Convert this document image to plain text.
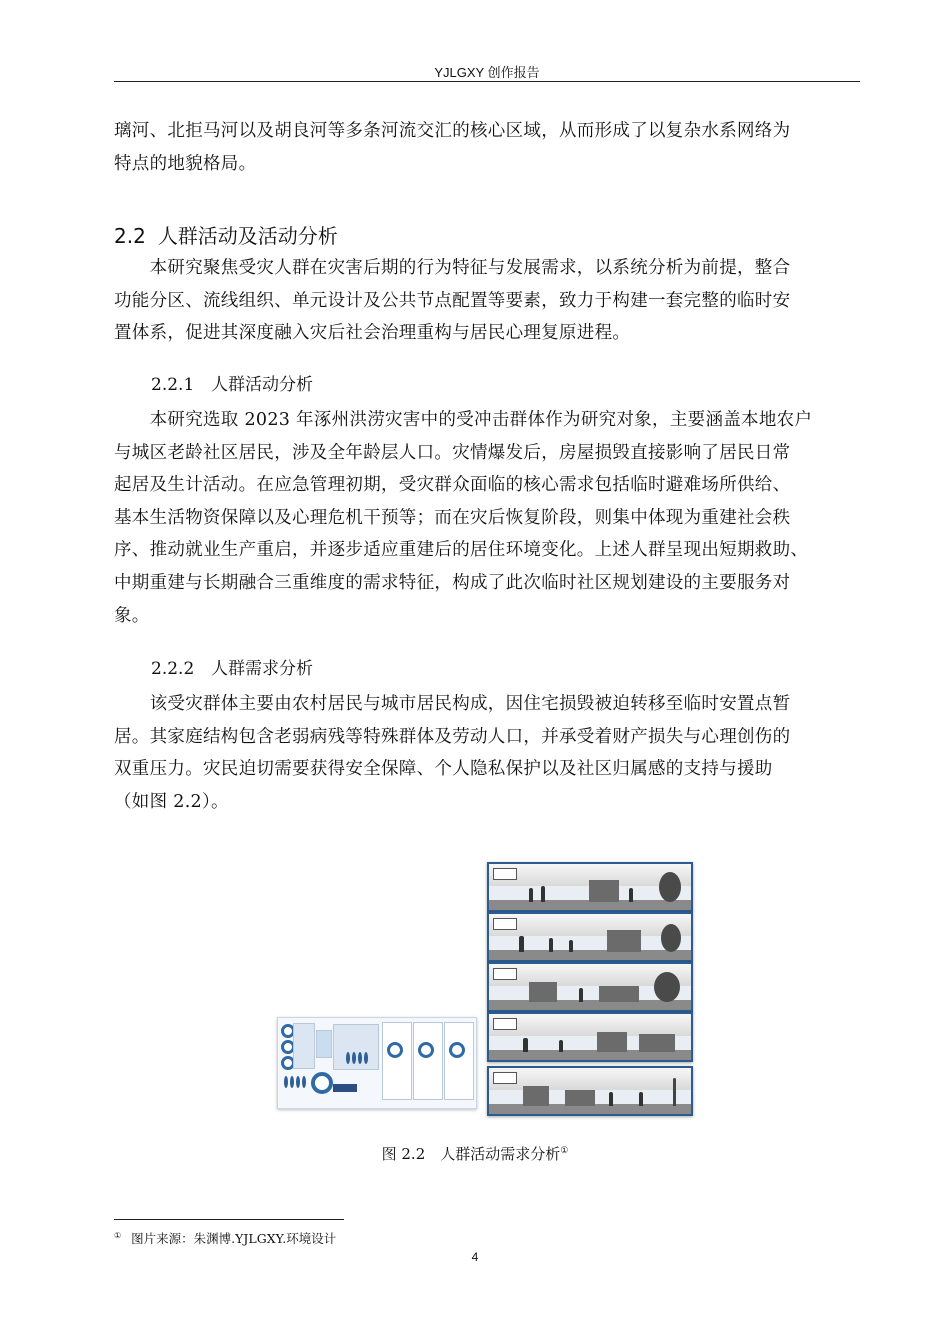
YJLGXY 创作报告
璃河、北拒马河以及胡良河等多条河流交汇的核心区域，从而形成了以复杂水系网络为
特点的地貌格局。
2.2 人群活动及活动分析
　　本研究聚焦受灾人群在灾害后期的行为特征与发展需求，以系统分析为前提，整合
功能分区、流线组织、单元设计及公共节点配置等要素，致力于构建一套完整的临时安
置体系，促进其深度融入灾后社会治理重构与居民心理复原进程。
2.2.1 人群活动分析
　　本研究选取 2023 年涿州洪涝灾害中的受冲击群体作为研究对象，主要涵盖本地农户
与城区老龄社区居民，涉及全年龄层人口。灾情爆发后，房屋损毁直接影响了居民日常
起居及生计活动。在应急管理初期，受灾群众面临的核心需求包括临时避难场所供给、
基本生活物资保障以及心理危机干预等；而在灾后恢复阶段，则集中体现为重建社会秩
序、推动就业生产重启，并逐步适应重建后的居住环境变化。上述人群呈现出短期救助、
中期重建与长期融合三重维度的需求特征，构成了此次临时社区规划建设的主要服务对
象。
2.2.2 人群需求分析
　　该受灾群体主要由农村居民与城市居民构成，因住宅损毁被迫转移至临时安置点暂
居。其家庭结构包含老弱病残等特殊群体及劳动人口，并承受着财产损失与心理创伤的
双重压力。灾民迫切需要获得安全保障、个人隐私保护以及社区归属感的支持与援助
（如图 2.2）。
图 2.2　 人群活动需求分析①
① 图片来源：朱渊博.YJLGXY.环境设计
4
